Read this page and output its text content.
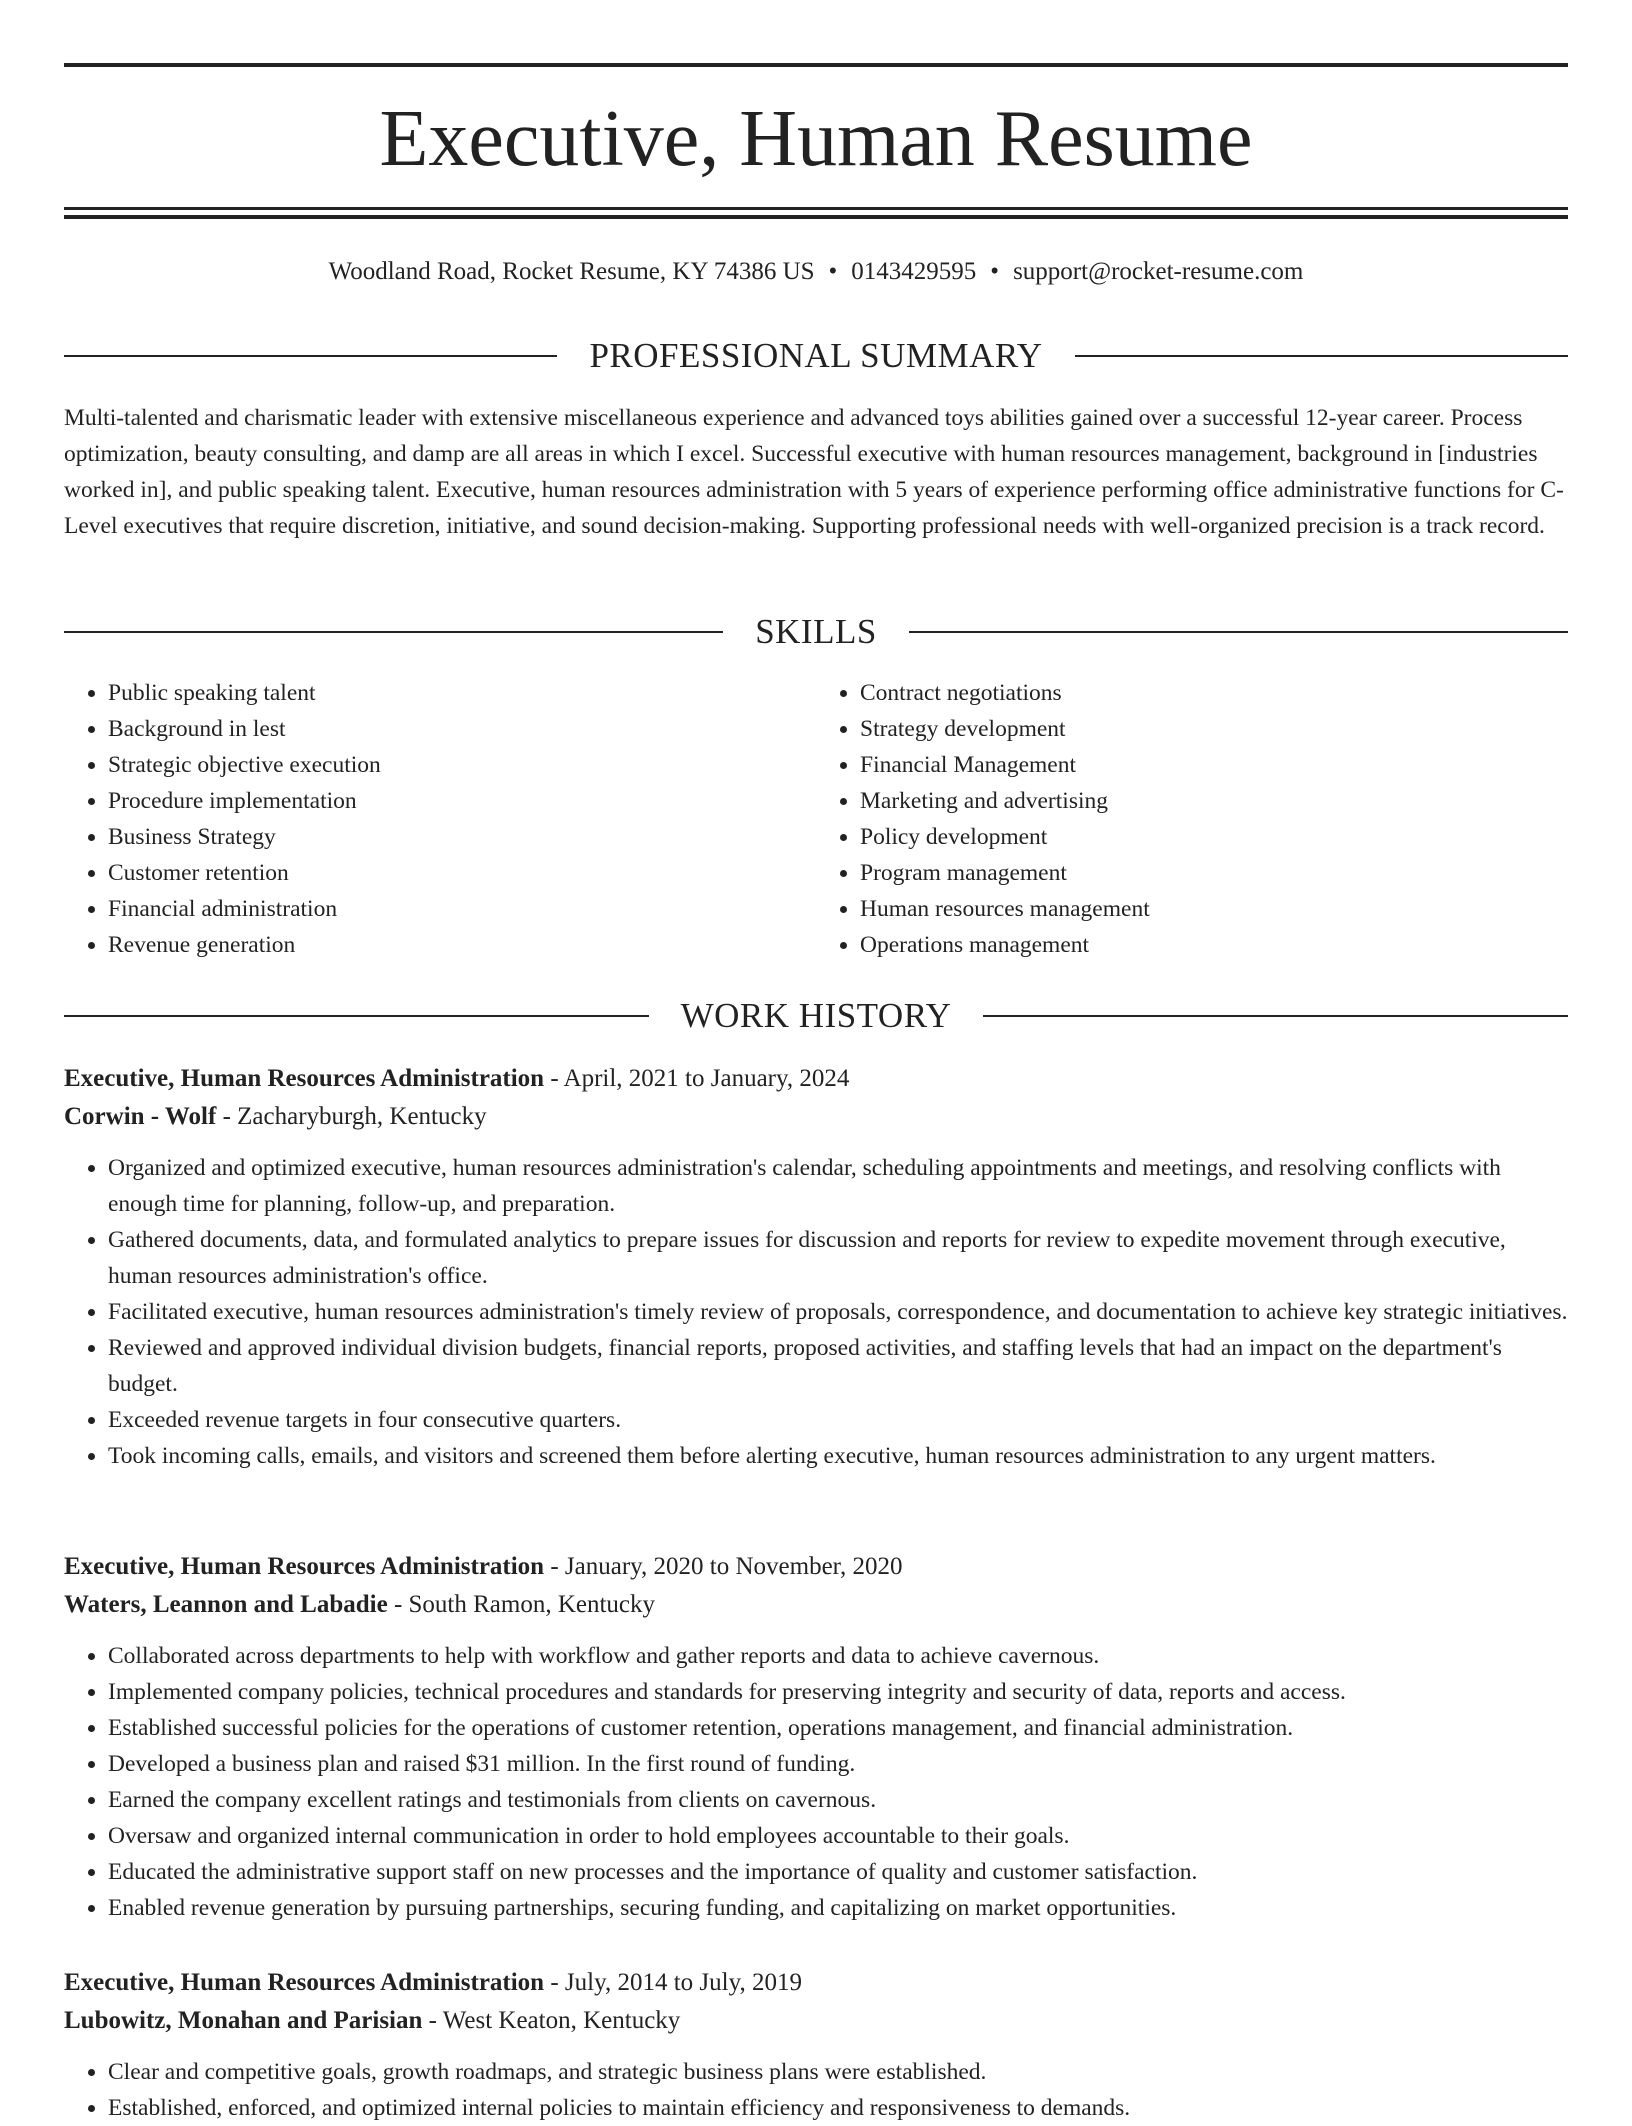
Executive, Human Resume
Woodland Road, Rocket Resume, KY 74386 US • 0143429595 • support@rocket-resume.com
PROFESSIONAL SUMMARY

Multi-talented and charismatic leader with extensive miscellaneous experience and advanced toys abilities gained over a successful 12-year career. Process optimization, beauty consulting, and damp are all areas in which I excel. Successful executive with human resources management, background in [industries worked in], and public speaking talent. Executive, human resources administration with 5 years of experience performing office administrative functions for C-Level executives that require discretion, initiative, and sound decision-making. Supporting professional needs with well-organized precision is a track record.

SKILLS
• Public speaking talent
• Background in lest
• Strategic objective execution
• Procedure implementation
• Business Strategy
• Customer retention
• Financial administration
• Revenue generation
• Contract negotiations
• Strategy development
• Financial Management
• Marketing and advertising
• Policy development
• Program management
• Human resources management
• Operations management
WORK HISTORY
Executive, Human Resources Administration - April, 2021 to January, 2024
Corwin - Wolf - Zacharyburgh, Kentucky
• Organized and optimized executive, human resources administration's calendar, scheduling appointments and meetings, and resolving conflicts with enough time for planning, follow-up, and preparation.
• Gathered documents, data, and formulated analytics to prepare issues for discussion and reports for review to expedite movement through executive, human resources administration's office.
• Facilitated executive, human resources administration's timely review of proposals, correspondence, and documentation to achieve key strategic initiatives.
• Reviewed and approved individual division budgets, financial reports, proposed activities, and staffing levels that had an impact on the department's budget.
• Exceeded revenue targets in four consecutive quarters.
• Took incoming calls, emails, and visitors and screened them before alerting executive, human resources administration to any urgent matters.
Executive, Human Resources Administration - January, 2020 to November, 2020
Waters, Leannon and Labadie - South Ramon, Kentucky
• Collaborated across departments to help with workflow and gather reports and data to achieve cavernous.
• Implemented company policies, technical procedures and standards for preserving integrity and security of data, reports and access.
• Established successful policies for the operations of customer retention, operations management, and financial administration.
• Developed a business plan and raised $31 million. In the first round of funding.
• Earned the company excellent ratings and testimonials from clients on cavernous.
• Oversaw and organized internal communication in order to hold employees accountable to their goals.
• Educated the administrative support staff on new processes and the importance of quality and customer satisfaction.
• Enabled revenue generation by pursuing partnerships, securing funding, and capitalizing on market opportunities.
Executive, Human Resources Administration - July, 2014 to July, 2019
Lubowitz, Monahan and Parisian - West Keaton, Kentucky
• Clear and competitive goals, growth roadmaps, and strategic business plans were established.
• Established, enforced, and optimized internal policies to maintain efficiency and responsiveness to demands.
